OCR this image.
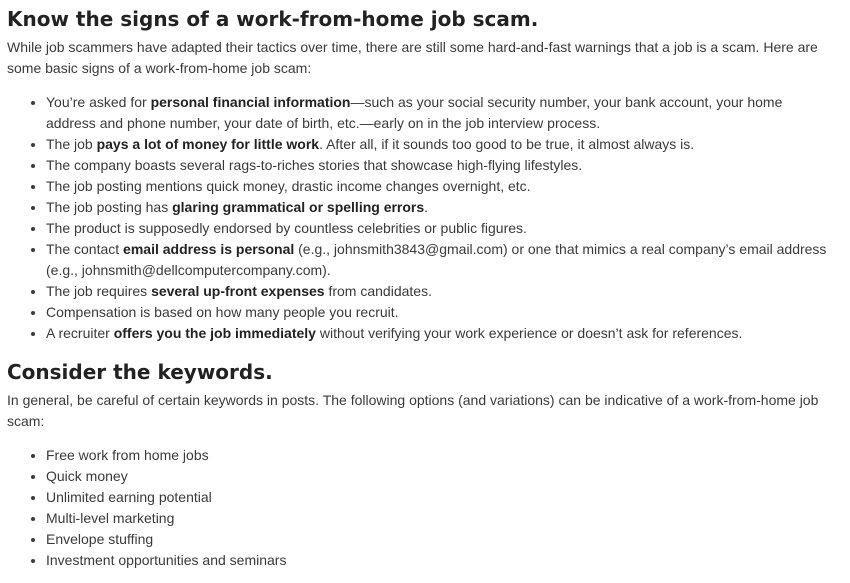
Know the signs of a work-from-home job scam.

While job scammers have adapted their tactics over time, there are still some hard-and-fast warnings that a job is a scam. Here are some basic signs of a work-from-home job scam:

• You’re asked for personal financial information—such as your social security number, your bank account, your home address and phone number, your date of birth, etc.—early on in the job interview process.
• The job pays a lot of money for little work. After all, if it sounds too good to be true, it almost always is.
• The company boasts several rags-to-riches stories that showcase high-flying lifestyles.
• The job posting mentions quick money, drastic income changes overnight, etc.
• The job posting has glaring grammatical or spelling errors.
• The product is supposedly endorsed by countless celebrities or public figures.
• The contact email address is personal (e.g., johnsmith3843@gmail.com) or one that mimics a real company’s email address (e.g., johnsmith@dellcomputercompany.com).
• The job requires several up-front expenses from candidates.
• Compensation is based on how many people you recruit.
• A recruiter offers you the job immediately without verifying your work experience or doesn’t ask for references.
Consider the keywords.

In general, be careful of certain keywords in posts. The following options (and variations) can be indicative of a work-from-home job scam:

• Free work from home jobs
• Quick money
• Unlimited earning potential
• Multi-level marketing
• Envelope stuffing
• Investment opportunities and seminars
